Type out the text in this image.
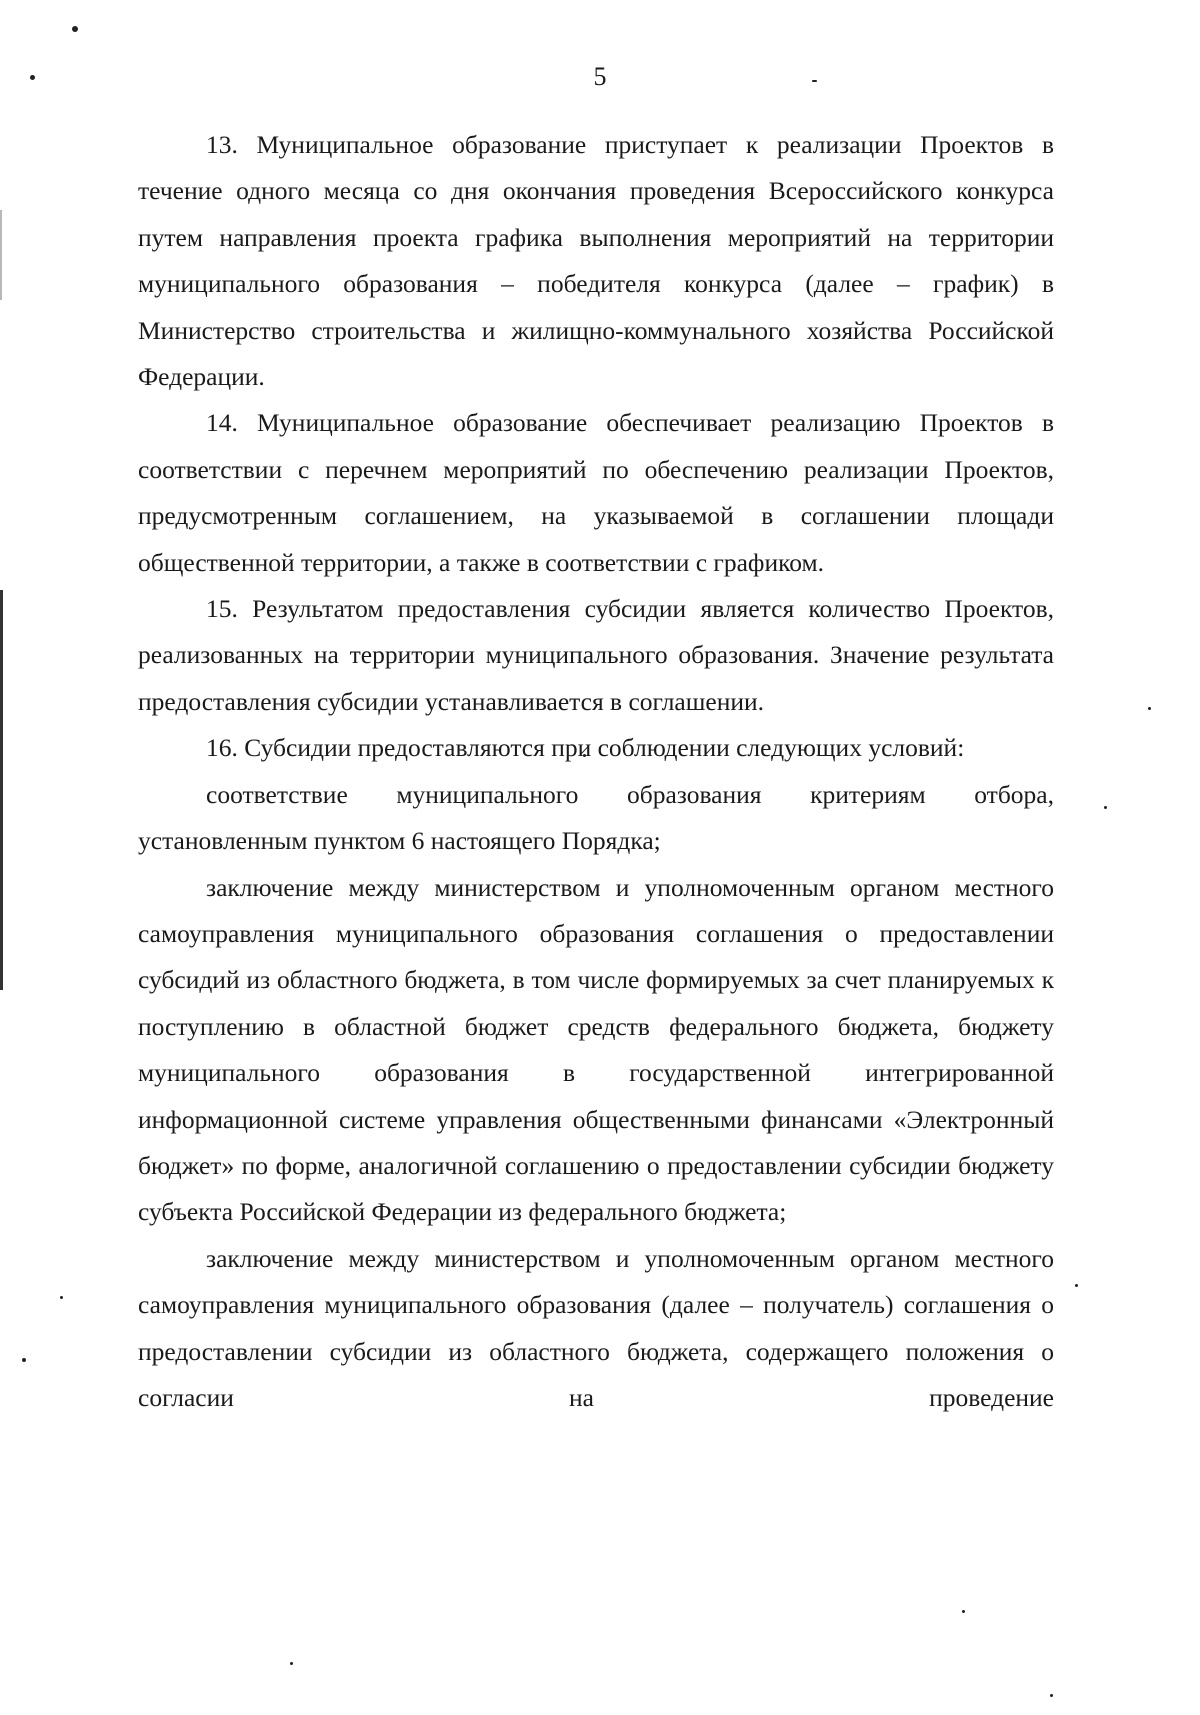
5

13. Муниципальное образование приступает к реализации Проектов в течение одного месяца со дня окончания проведения Всероссийского конкурса путем направления проекта графика выполнения мероприятий на территории муниципального образования – победителя конкурса (далее – график) в Министерство строительства и жилищно-коммунального хозяйства Российской Федерации.

14. Муниципальное образование обеспечивает реализацию Проектов в соответствии с перечнем мероприятий по обеспечению реализации Проектов, предусмотренным соглашением, на указываемой в соглашении площади общественной территории, а также в соответствии с графиком.

15. Результатом предоставления субсидии является количество Проектов, реализованных на территории муниципального образования. Значение результата предоставления субсидии устанавливается в соглашении.

16. Субсидии предоставляются при соблюдении следующих условий:

соответствие муниципального образования критериям отбора, установленным пунктом 6 настоящего Порядка;

заключение между министерством и уполномоченным органом местного самоуправления муниципального образования соглашения о предоставлении субсидий из областного бюджета, в том числе формируемых за счет планируемых к поступлению в областной бюджет средств федерального бюджета, бюджету муниципального образования в государственной интегрированной информационной системе управления общественными финансами «Электронный бюджет» по форме, аналогичной соглашению о предоставлении субсидии бюджету субъекта Российской Федерации из федерального бюджета;

заключение между министерством и уполномоченным органом местного самоуправления муниципального образования (далее – получатель) соглашения о предоставлении субсидии из областного бюджета, содержащего положения о согласии на проведение
